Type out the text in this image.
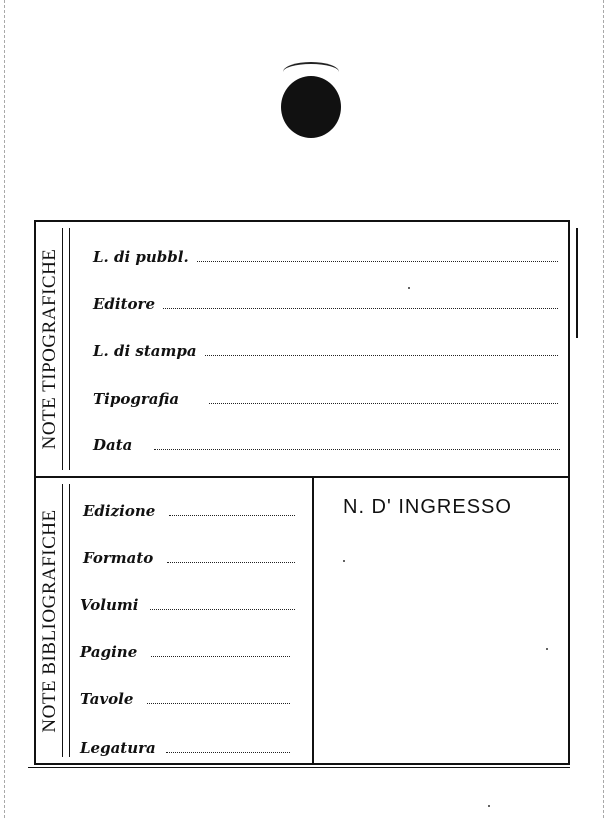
NOTE TIPOGRAFICHE L. di pubbl.
Editore
L. di stampa
Tipografia
Data
NOTE BIBLIOGRAFICHE Edizione
Formato
Volumi
Pagine
Tavole
Legatura
N. D' INGRESSO
